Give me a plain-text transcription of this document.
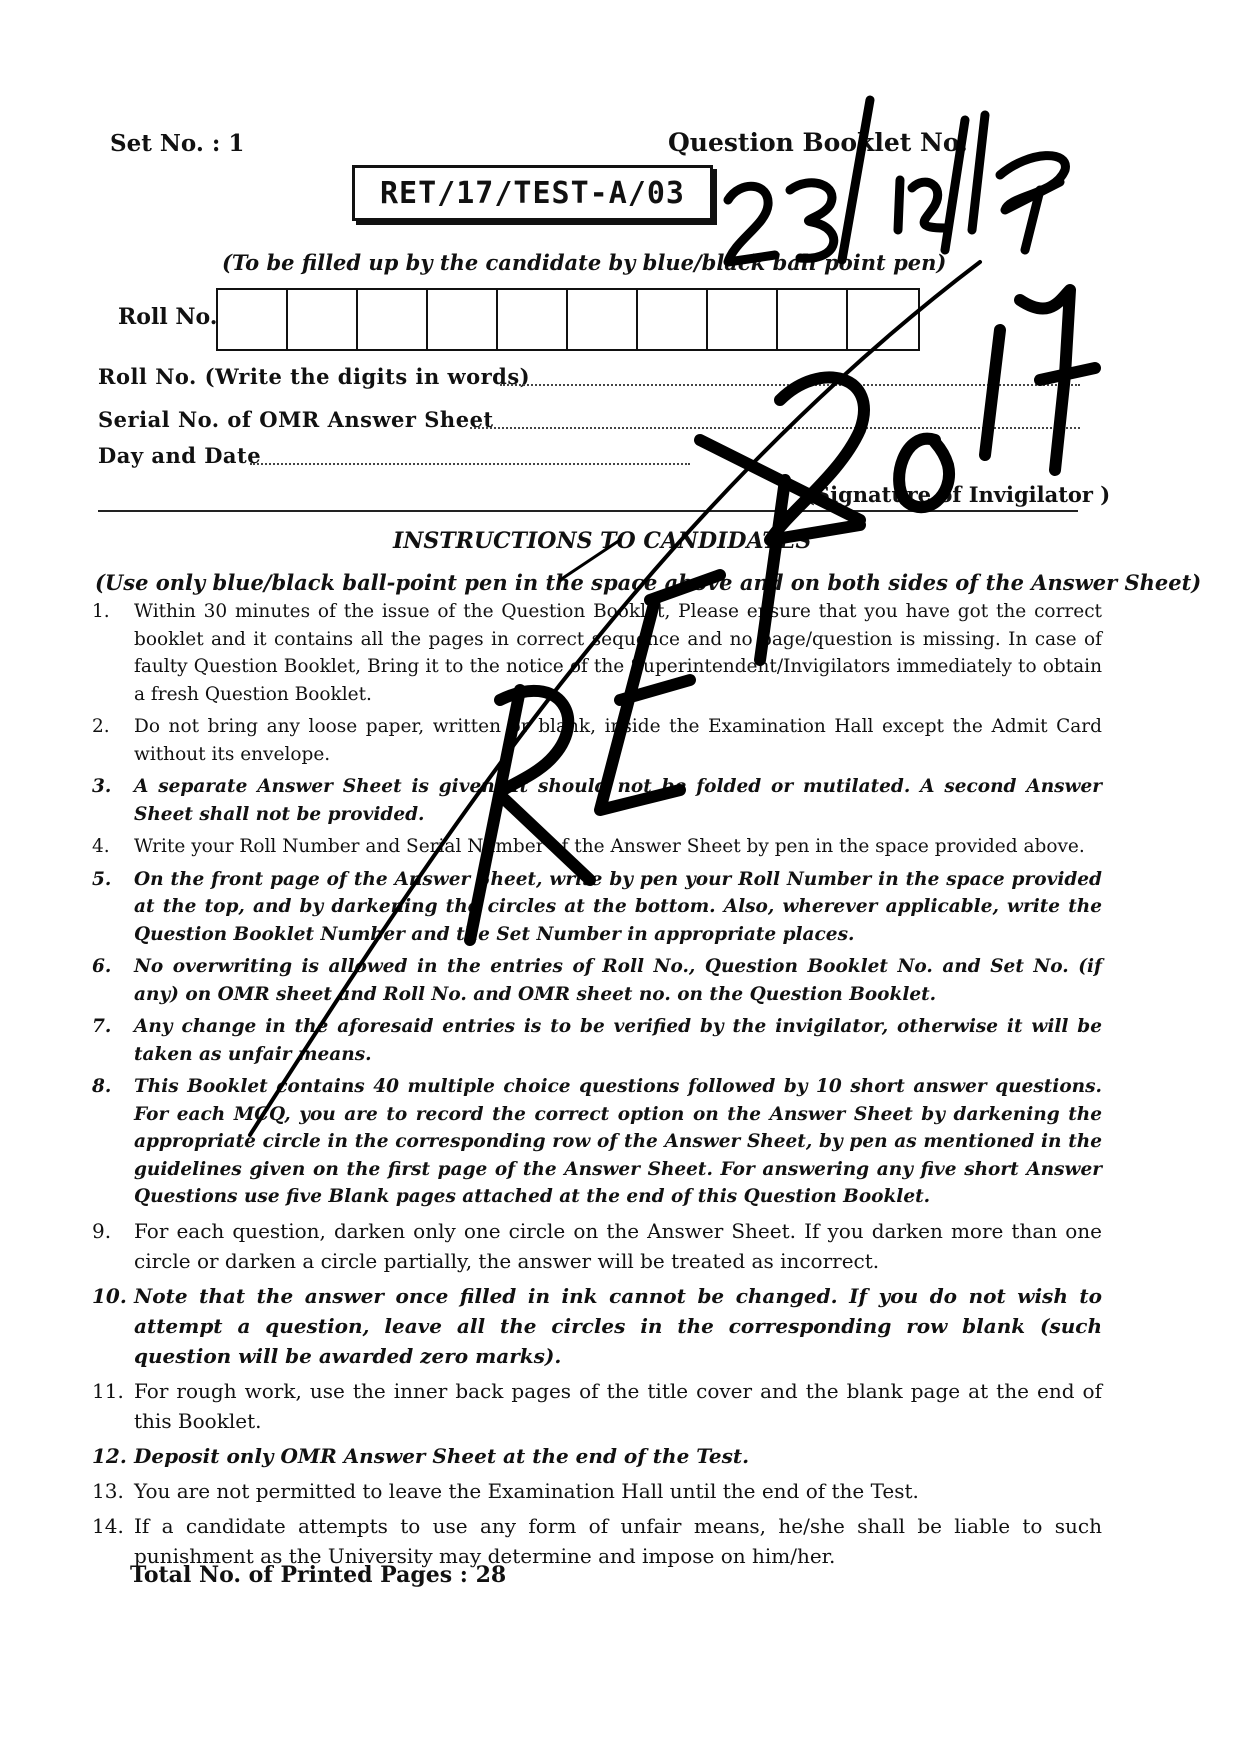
Set No. : 1	Question Booklet No.
RET/17/TEST-A/03
(To be filled up by the candidate by blue/black ball point pen)
Roll No.
Roll No. (Write the digits in words)
Serial No. of OMR Answer Sheet
Day and Date
(Signature of Invigilator )
INSTRUCTIONS TO CANDIDATES
(Use only blue/black ball-point pen in the space above and on both sides of the Answer Sheet)
1.	Within 30 minutes of the issue of the Question Booklet, Please ensure that you have got the correct booklet and it contains all the pages in correct sequence and no page/question is missing. In case of faulty Question Booklet, Bring it to the notice of the Superintendent/Invigilators immediately to obtain a fresh Question Booklet.
2.	Do not bring any loose paper, written or blank, inside the Examination Hall except the Admit Card without its envelope.
3.	A separate Answer Sheet is given. It should not be folded or mutilated. A second Answer Sheet shall not be provided.
4.	Write your Roll Number and Serial Number of the Answer Sheet by pen in the space provided above.
5.	On the front page of the Answer Sheet, write by pen your Roll Number in the space provided at the top, and by darkening the circles at the bottom. Also, wherever applicable, write the Question Booklet Number and the Set Number in appropriate places.
6.	No overwriting is allowed in the entries of Roll No., Question Booklet No. and Set No. (if any) on OMR sheet and Roll No. and OMR sheet no. on the Question Booklet.
7.	Any change in the aforesaid entries is to be verified by the invigilator, otherwise it will be taken as unfair means.
8.	This Booklet contains 40 multiple choice questions followed by 10 short answer questions. For each MCQ, you are to record the correct option on the Answer Sheet by darkening the appropriate circle in the corresponding row of the Answer Sheet, by pen as mentioned in the guidelines given on the first page of the Answer Sheet. For answering any five short Answer Questions use five Blank pages attached at the end of this Question Booklet.
9.	For each question, darken only one circle on the Answer Sheet. If you darken more than one circle or darken a circle partially, the answer will be treated as incorrect.
10. Note that the answer once filled in ink cannot be changed. If you do not wish to attempt a question, leave all the circles in the corresponding row blank (such question will be awarded zero marks).
11. For rough work, use the inner back pages of the title cover and the blank page at the end of this Booklet.
12. Deposit only OMR Answer Sheet at the end of the Test.
13. You are not permitted to leave the Examination Hall until the end of the Test.
14. If a candidate attempts to use any form of unfair means, he/she shall be liable to such punishment as the University may determine and impose on him/her.
Total No. of Printed Pages : 28
